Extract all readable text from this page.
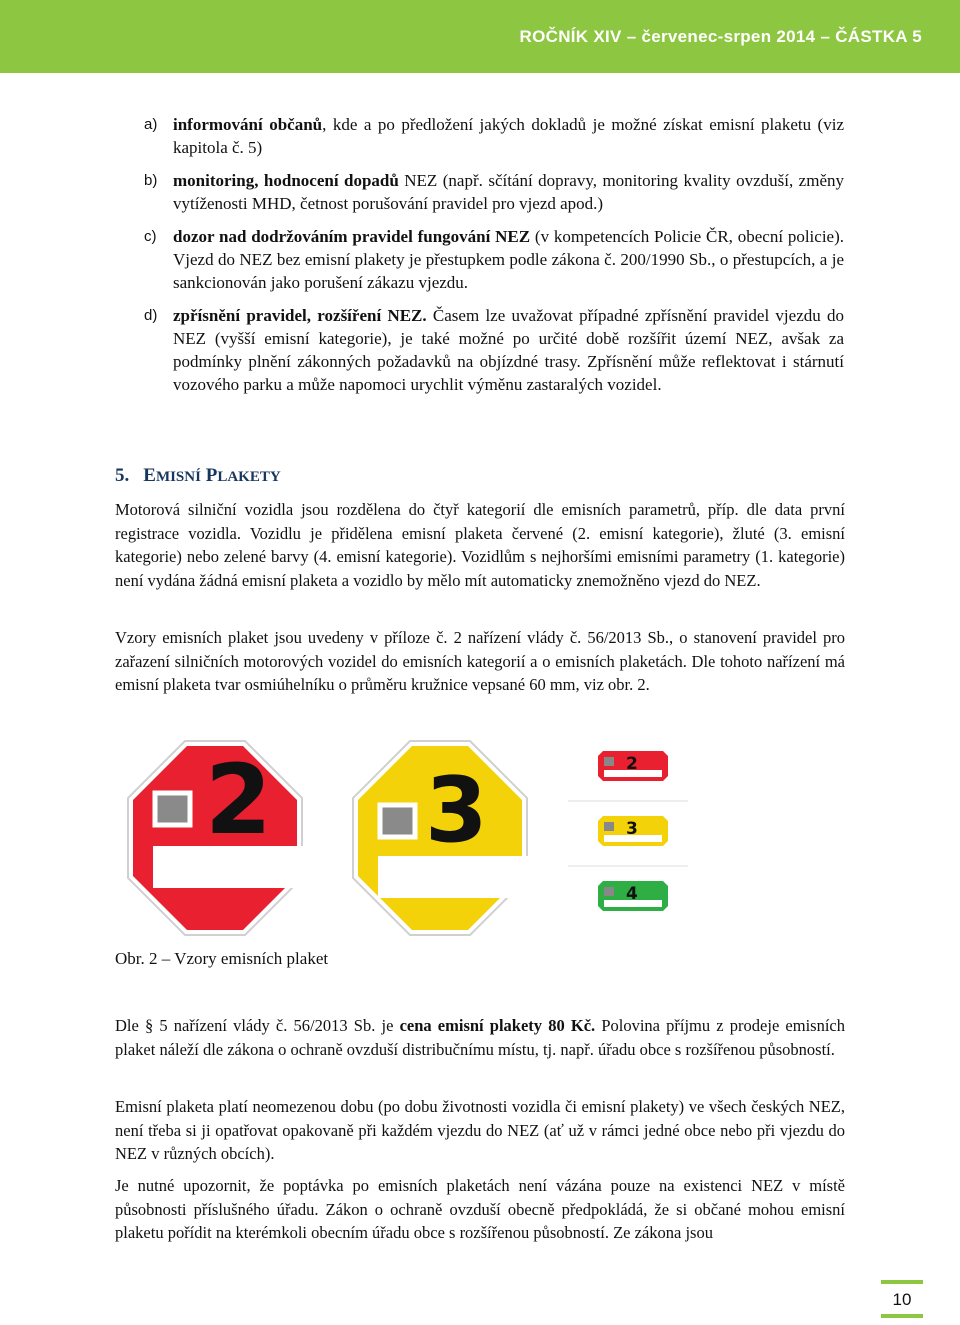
ROČNÍK XIV – červenec-srpen 2014 – ČÁSTKA 5
a) informování občanů, kde a po předložení jakých dokladů je možné získat emisní plaketu (viz kapitola č. 5)
b) monitoring, hodnocení dopadů NEZ (např. sčítání dopravy, monitoring kvality ovzduší, změny vytíženosti MHD, četnost porušování pravidel pro vjezd apod.)
c) dozor nad dodržováním pravidel fungování NEZ (v kompetencích Policie ČR, obecní policie). Vjezd do NEZ bez emisní plakety je přestupkem podle zákona č. 200/1990 Sb., o přestupcích, a je sankcionován jako porušení zákazu vjezdu.
d) zpřísnění pravidel, rozšíření NEZ. Časem lze uvažovat případné zpřísnění pravidel vjezdu do NEZ (vyšší emisní kategorie), je také možné po určité době rozšířit území NEZ, avšak za podmínky plnění zákonných požadavků na objízdné trasy. Zpřísnění může reflektovat i stárnutí vozového parku a může napomoci urychlit výměnu zastaralých vozidel.
5. EMISNÍ PLAKETY
Motorová silniční vozidla jsou rozdělena do čtyř kategorií dle emisních parametrů, příp. dle data první registrace vozidla. Vozidlu je přidělena emisní plaketa červené (2. emisní kategorie), žluté (3. emisní kategorie) nebo zelené barvy (4. emisní kategorie). Vozidlům s nejhoršími emisními parametry (1. kategorie) není vydána žádná emisní plaketa a vozidlo by mělo mít automaticky znemožněno vjezd do NEZ.
Vzory emisních plaket jsou uvedeny v příloze č. 2 nařízení vlády č. 56/2013 Sb., o stanovení pravidel pro zařazení silničních motorových vozidel do emisních kategorií a o emisních plaketách. Dle tohoto nařízení má emisní plaketa tvar osmiúhelníku o průměru kružnice vepsané 60 mm, viz obr. 2.
2 3	2
3
4
Obr. 2 – Vzory emisních plaket
Dle § 5 nařízení vlády č. 56/2013 Sb. je cena emisní plakety 80 Kč. Polovina příjmu z prodeje emisních plaket náleží dle zákona o ochraně ovzduší distribučnímu místu, tj. např. úřadu obce s rozšířenou působností.
Emisní plaketa platí neomezenou dobu (po dobu životnosti vozidla či emisní plakety) ve všech českých NEZ, není třeba si ji opatřovat opakovaně při každém vjezdu do NEZ (ať už v rámci jedné obce nebo při vjezdu do NEZ v různých obcích).
Je nutné upozornit, že poptávka po emisních plaketách není vázána pouze na existenci NEZ v místě působnosti příslušného úřadu. Zákon o ochraně ovzduší obecně předpokládá, že si občané mohou emisní plaketu pořídit na kterémkoli obecním úřadu obce s rozšířenou působností. Ze zákona jsou
10
